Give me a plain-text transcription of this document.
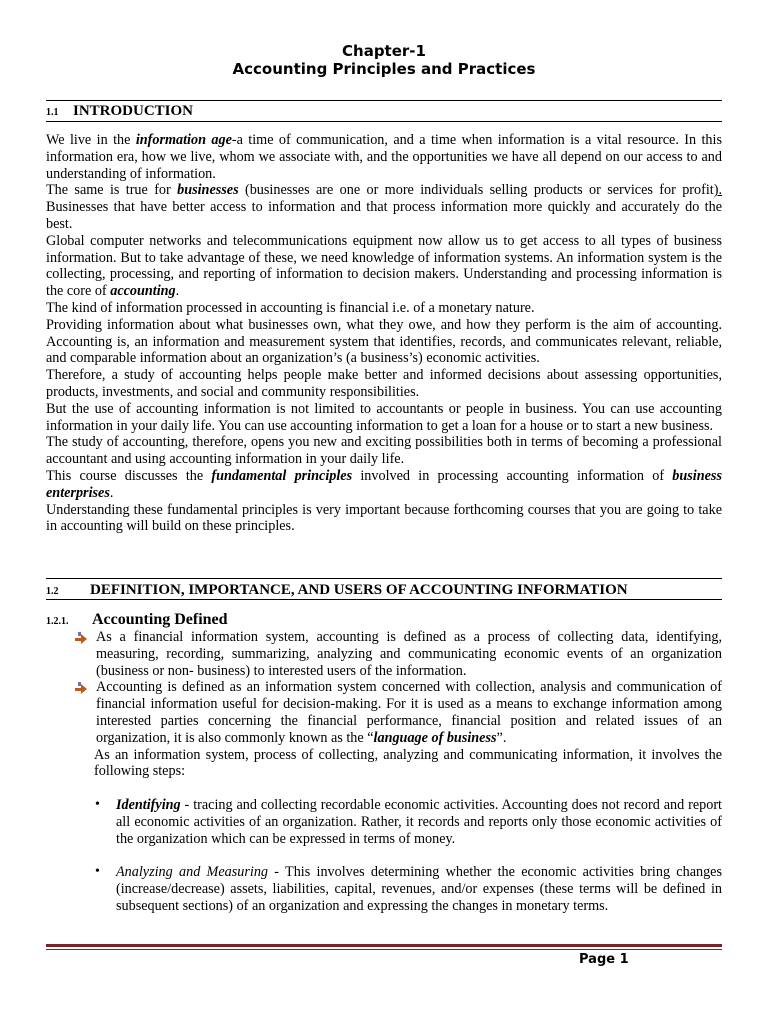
Chapter-1
Accounting Principles and Practices
1.1 INTRODUCTION

We live in the information age-a time of communication, and a time when information is a vital resource. In this information era, how we live, whom we associate with, and the opportunities we have all depend on our access to and understanding of information.

The same is true for businesses (businesses are one or more individuals selling products or services for profit). Businesses that have better access to information and that process information more quickly and accurately do the best.

Global computer networks and telecommunications equipment now allow us to get access to all types of business information. But to take advantage of these, we need knowledge of information systems. An information system is the collecting, processing, and reporting of information to decision makers. Understanding and processing information is the core of accounting.

The kind of information processed in accounting is financial i.e. of a monetary nature.

Providing information about what businesses own, what they owe, and how they perform is the aim of accounting. Accounting is, an information and measurement system that identifies, records, and communicates relevant, reliable, and comparable information about an organization’s (a business’s) economic activities.

Therefore, a study of accounting helps people make better and informed decisions about assessing opportunities, products, investments, and social and community responsibilities.

But the use of accounting information is not limited to accountants or people in business. You can use accounting information in your daily life. You can use accounting information to get a loan for a house or to start a new business.

The study of accounting, therefore, opens you new and exciting possibilities both in terms of becoming a professional accountant and using accounting information in your daily life.

This course discusses the fundamental principles involved in processing accounting information of business enterprises.

Understanding these fundamental principles is very important because forthcoming courses that you are going to take in accounting will build on these principles.

1.2 DEFINITION, IMPORTANCE, AND USERS OF ACCOUNTING INFORMATION
1.2.1. Accounting Defined
As a financial information system, accounting is defined as a process of collecting data, identifying, measuring, recording, summarizing, analyzing and communicating economic events of an organization (business or non- business) to interested users of the information.
Accounting is defined as an information system concerned with collection, analysis and communication of financial information useful for decision-making. For it is used as a means to exchange information among interested parties concerning the financial performance, financial position and related issues of an organization, it is also commonly known as the “language of business”.

As an information system, process of collecting, analyzing and communicating information, it involves the following steps:

• Identifying - tracing and collecting recordable economic activities. Accounting does not record and report all economic activities of an organization. Rather, it records and reports only those economic activities of the organization which can be expressed in terms of money.
• Analyzing and Measuring - This involves determining whether the economic activities bring changes (increase/decrease) assets, liabilities, capital, revenues, and/or expenses (these terms will be defined in subsequent sections) of an organization and expressing the changes in monetary terms.
Page 1
